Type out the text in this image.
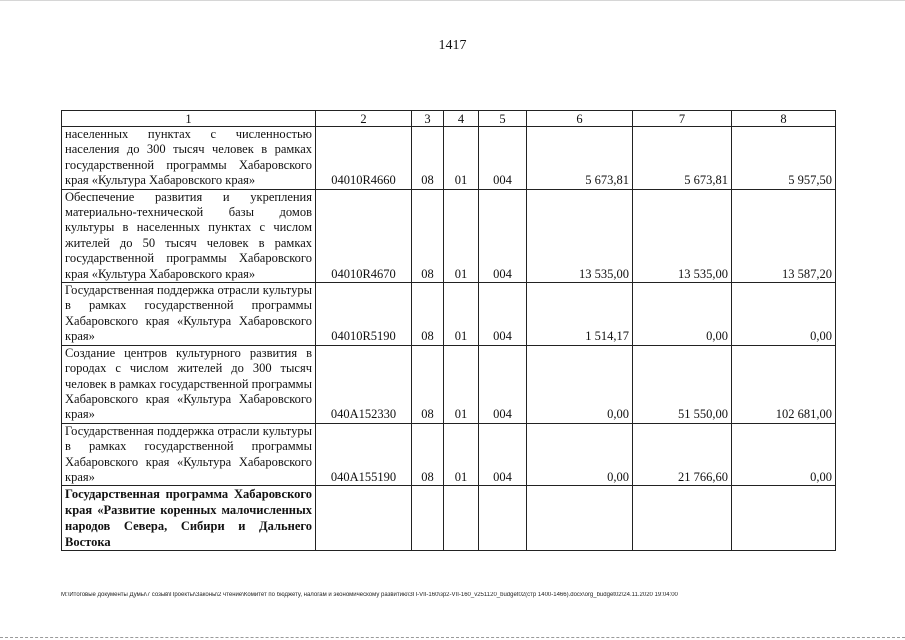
1417
1	2	3	4	5	6	7	8
населенных пунктах с численностью населения до 300 тысяч человек в рамках государственной программы Хабаровского края «Культура Хабаровского края»	04010R4660	08	01	004	5 673,81	5 673,81	5 957,50
Обеспечение развития и укрепления материально-технической базы домов культуры в населенных пунктах с числом жителей до 50 тысяч человек в рамках государственной программы Хабаровского края «Культура Хабаровского края»	04010R4670	08	01	004	13 535,00	13 535,00	13 587,20
Государственная поддержка отрасли культуры в рамках государственной программы Хабаровского края «Культура Хабаровского края»	04010R5190	08	01	004	1 514,17	0,00	0,00
Создание центров культурного развития в городах с числом жителей до 300 тысяч человек в рамках государственной программы Хабаровского края «Культура Хабаровского края»	040A152330	08	01	004	0,00	51 550,00	102 681,00
Государственная поддержка отрасли культуры в рамках государственной программы Хабаровского края «Культура Хабаровского края»	040A155190	08	01	004	0,00	21 766,60	0,00
Государственная программа Хабаровского края «Развитие коренных малочисленных народов Севера, Сибири и Дальнего Востока							
M:\Итоговые документы Думы\7 созыв\Проекты\Законы\2 чтение\Комитет по бюджету, налогам и экономическому развитию\ЗП-VII-160\зр2-VII-160_v251120_budget02(стр 1400-1466).docx\org_budget02\24.11.2020 19:04:00
